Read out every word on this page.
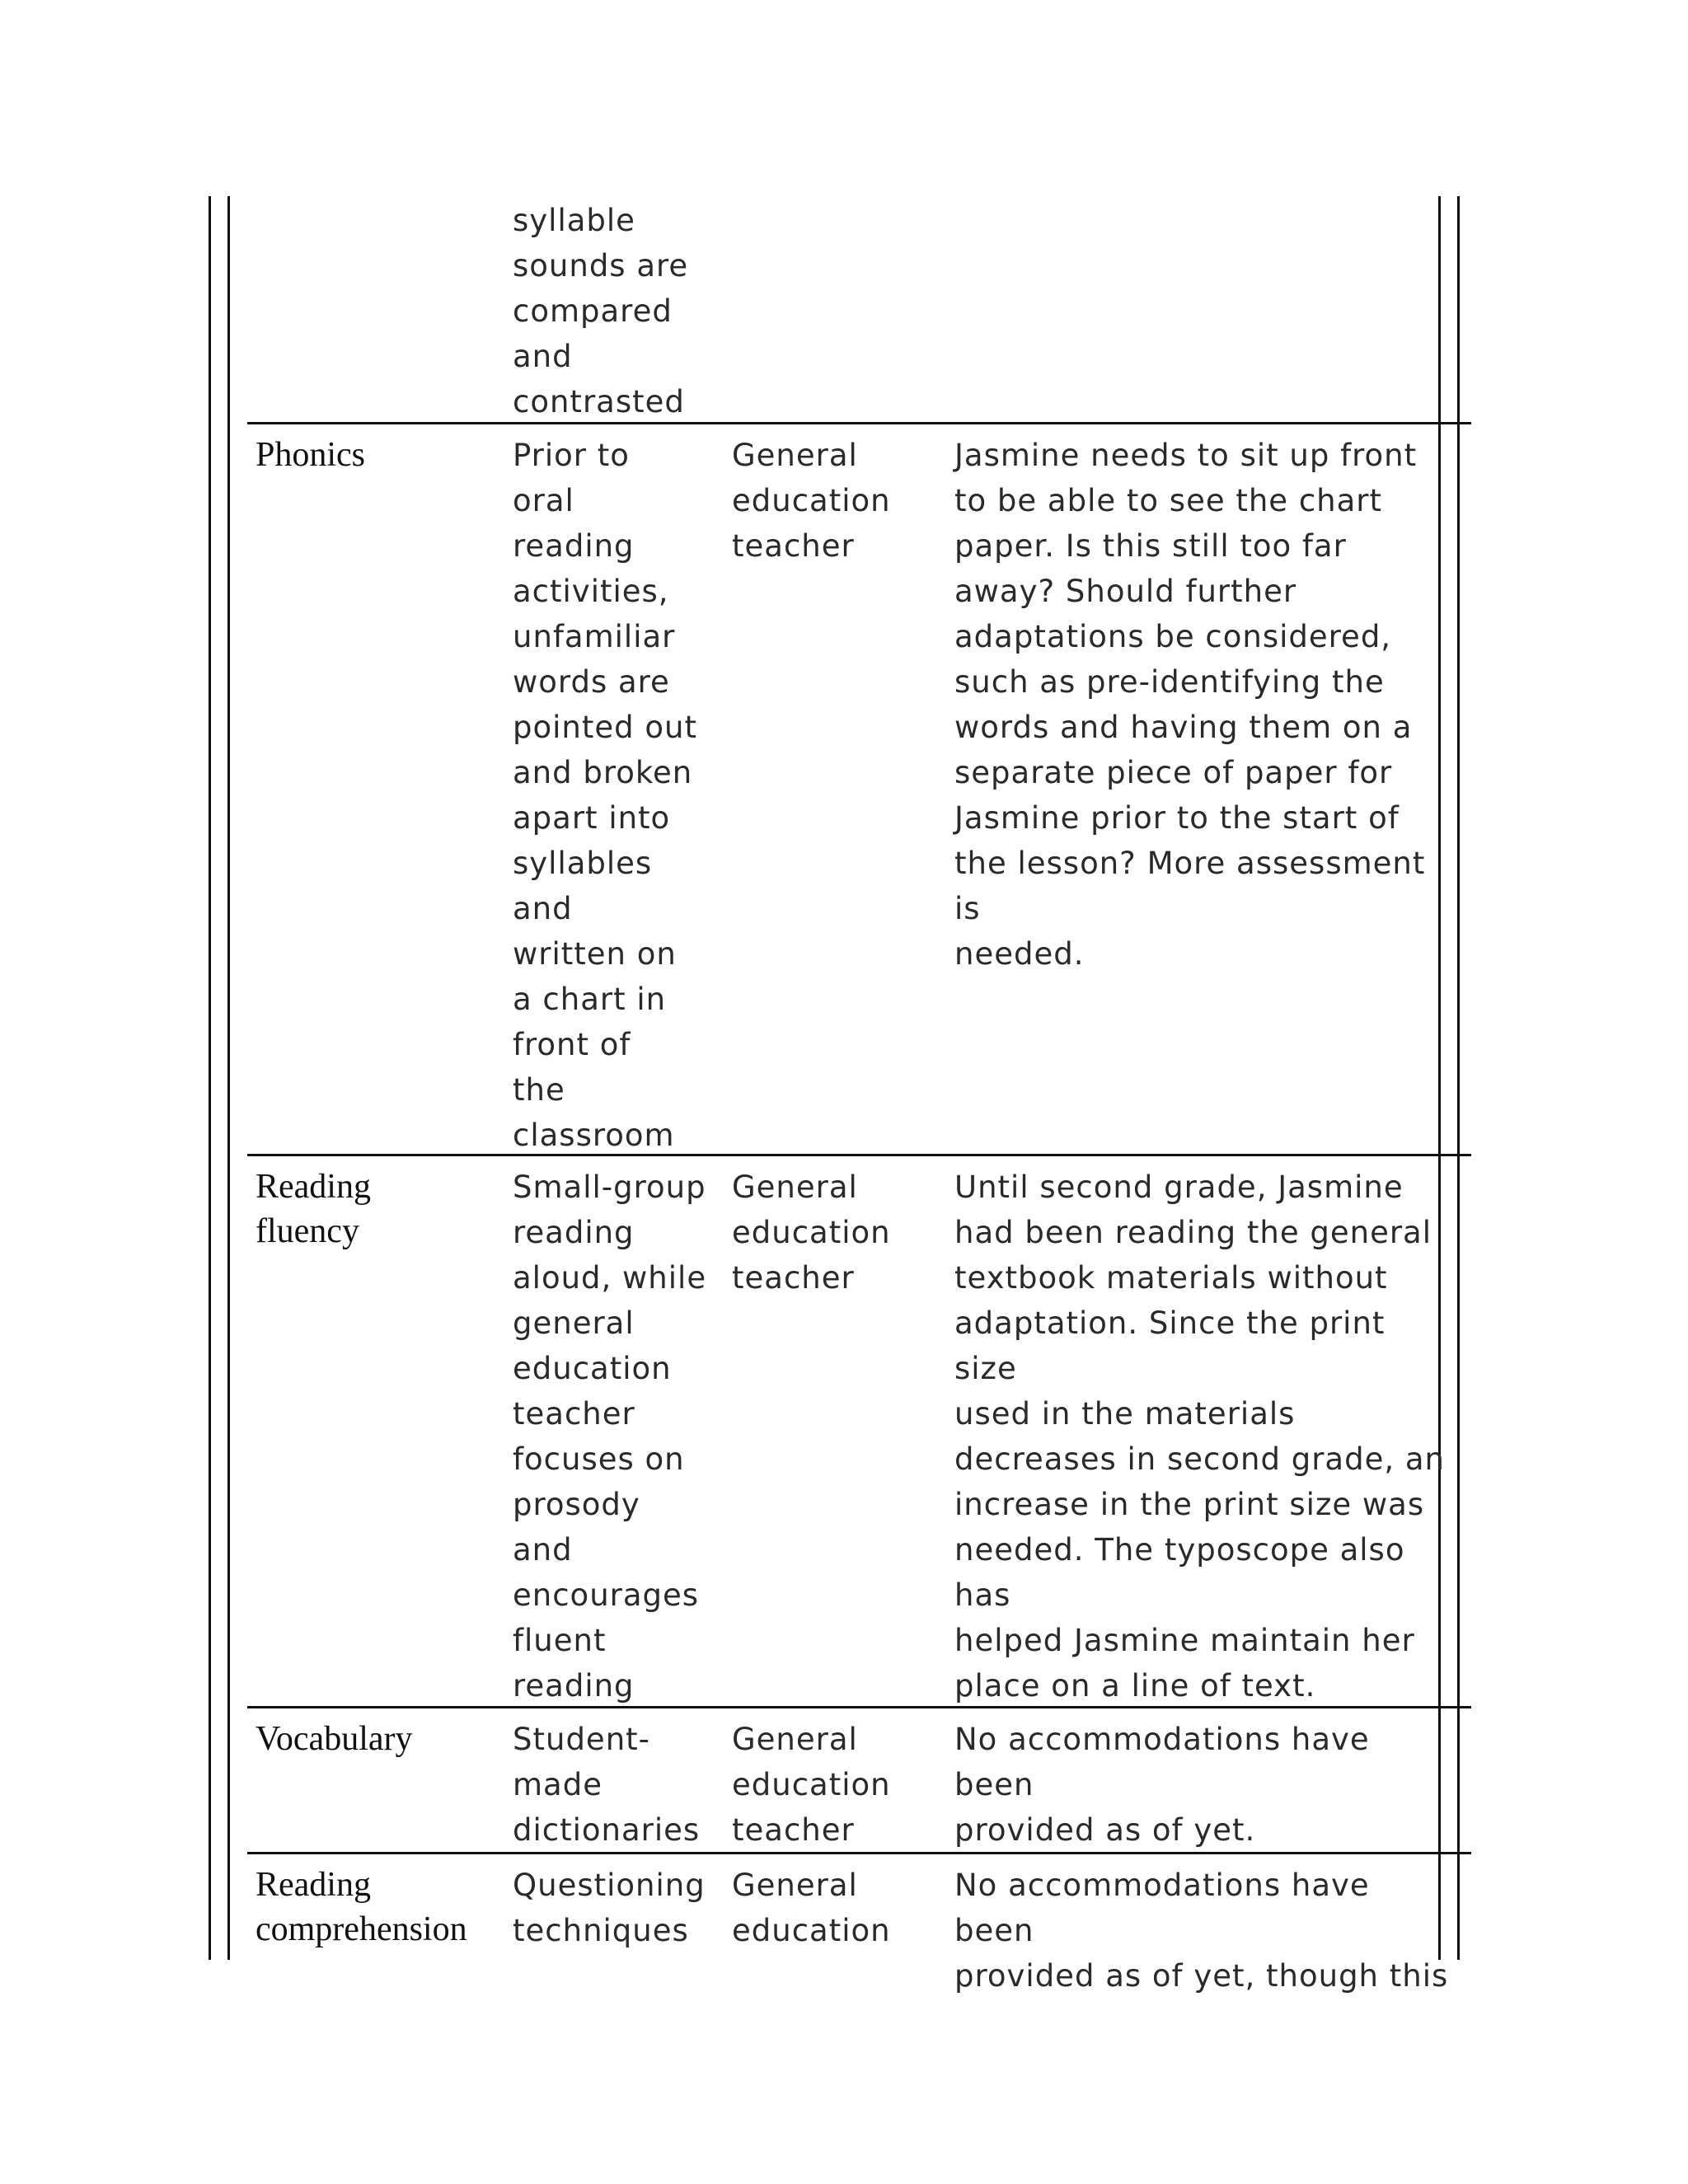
syllable
sounds are
compared
and
contrasted
Phonics	Prior to
oral
reading
activities,
unfamiliar
words are
pointed out
and broken
apart into
syllables
and
written on
a chart in
front of
the
classroom
General
education
teacher
Jasmine needs to sit up front
to be able to see the chart
paper. Is this still too far
away? Should further
adaptations be considered,
such as pre-identifying the
words and having them on a
separate piece of paper for
Jasmine prior to the start of
the lesson? More assessment is
needed.
Reading
fluency
Small-group
reading
aloud, while
general
education
teacher
focuses on
prosody
and
encourages
fluent
reading
General
education
teacher
Until second grade, Jasmine
had been reading the general
textbook materials without
adaptation. Since the print size
used in the materials
decreases in second grade, an
increase in the print size was
needed. The typoscope also has
helped Jasmine maintain her
place on a line of text.
Vocabulary	Student-
made
dictionaries
General
education
teacher
No accommodations have been
provided as of yet.
Reading
comprehension
Questioning
techniques
General
education
No accommodations have been
provided as of yet, though this
